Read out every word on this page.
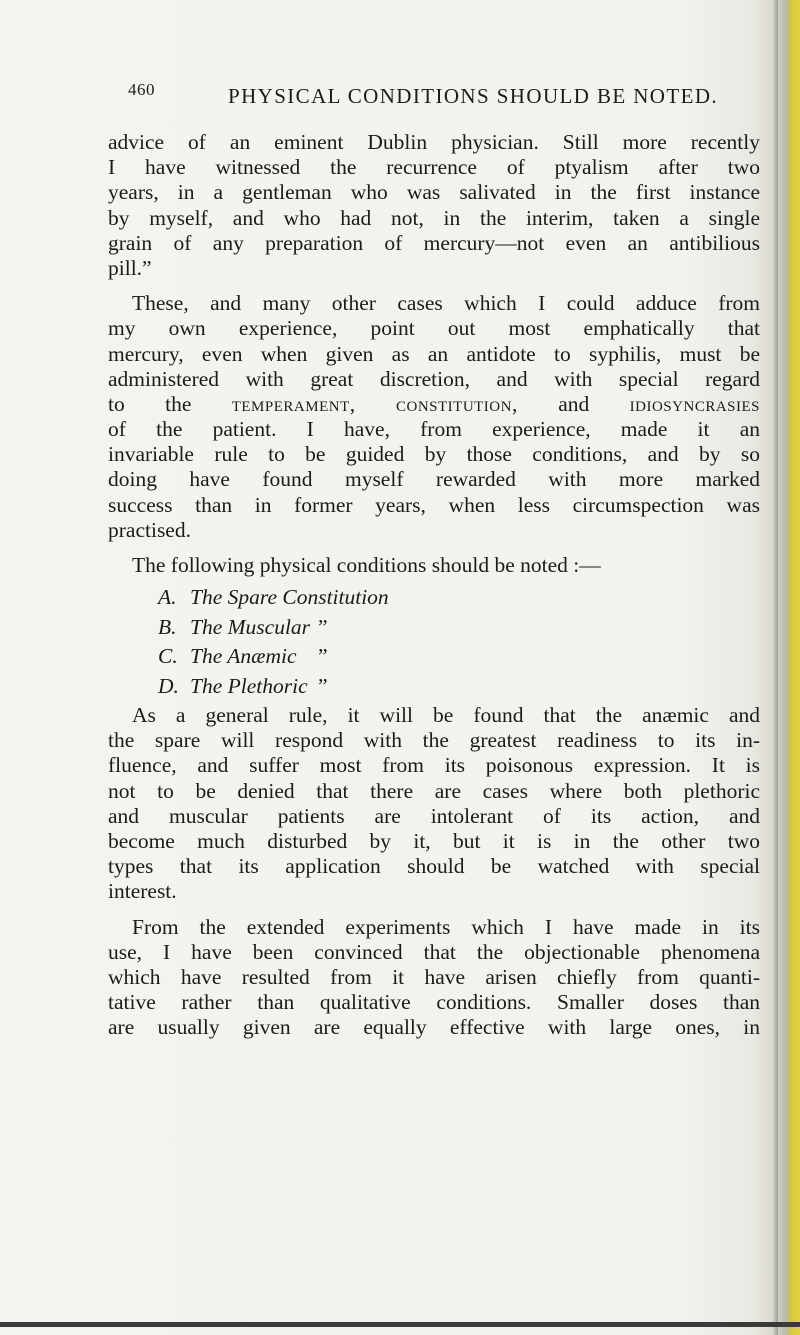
460	PHYSICAL CONDITIONS SHOULD BE NOTED.
advice of an eminent Dublin physician. Still more recently
I have witnessed the recurrence of ptyalism after two
years, in a gentleman who was salivated in the first instance
by myself, and who had not, in the interim, taken a single
grain of any preparation of mercury—not even an antibilious
pill.”
These, and many other cases which I could adduce from
my own experience, point out most emphatically that
mercury, even when given as an antidote to syphilis, must be
administered with great discretion, and with special regard
to the temperament, constitution, and idiosyncrasies
of the patient. I have, from experience, made it an
invariable rule to be guided by those conditions, and by so
doing have found myself rewarded with more marked
success than in former years, when less circumspection was
practised.
The following physical conditions should be noted :—
A. The Spare Constitution
B. The Muscular ”
C. The Anæmic ”
D. The Plethoric ”
As a general rule, it will be found that the anæmic and
the spare will respond with the greatest readiness to its in-
fluence, and suffer most from its poisonous expression. It is
not to be denied that there are cases where both plethoric
and muscular patients are intolerant of its action, and
become much disturbed by it, but it is in the other two
types that its application should be watched with special
interest.
From the extended experiments which I have made in its
use, I have been convinced that the objectionable phenomena
which have resulted from it have arisen chiefly from quanti-
tative rather than qualitative conditions. Smaller doses than
are usually given are equally effective with large ones, in
